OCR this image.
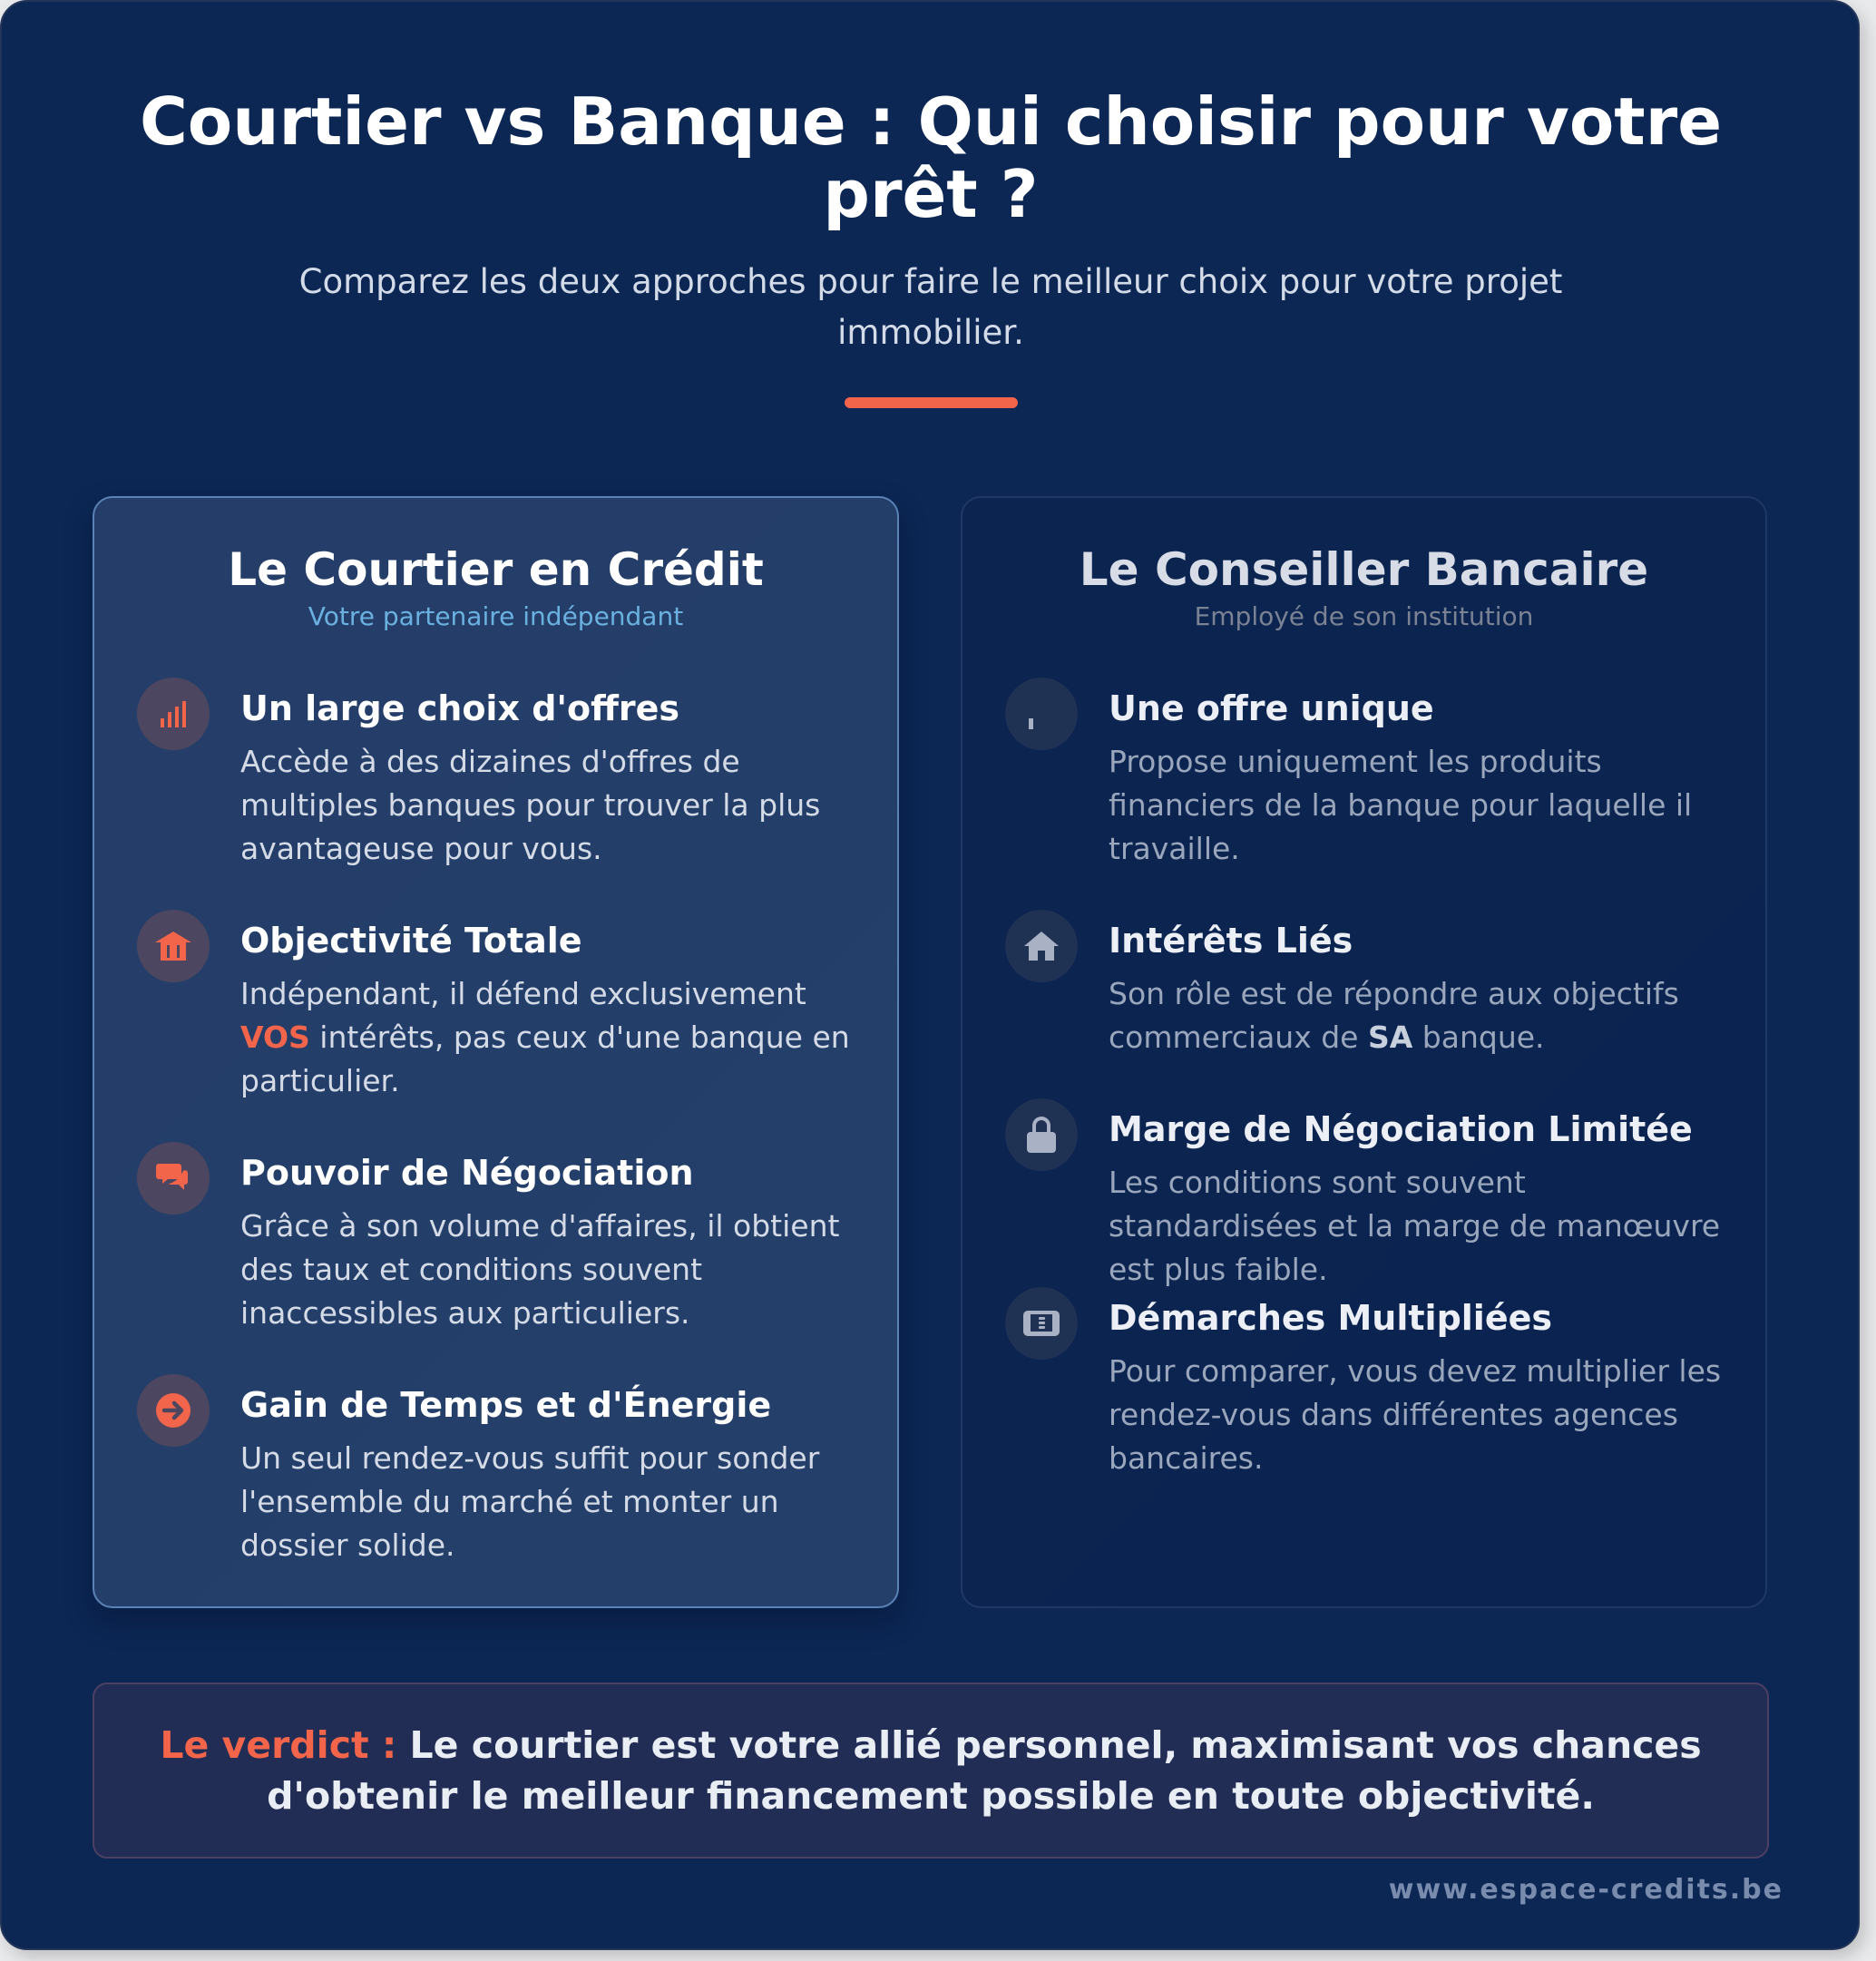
Courtier vs Banque : Qui choisir pour votre
prêt ?

Comparez les deux approches pour faire le meilleur choix pour votre projet immobilier.

Le Courtier en Crédit
Votre partenaire indépendant
Un large choix d'offres
Accède à des dizaines d'offres de multiples banques pour trouver la plus avantageuse pour vous.
Objectivité Totale
Indépendant, il défend exclusivement VOS intérêts, pas ceux d'une banque en particulier.
Pouvoir de Négociation
Grâce à son volume d'affaires, il obtient des taux et conditions souvent inaccessibles aux particuliers.
Gain de Temps et d'Énergie
Un seul rendez-vous suffit pour sonder l'ensemble du marché et monter un dossier solide.
Le Conseiller Bancaire
Employé de son institution
Une offre unique
Propose uniquement les produits financiers de la banque pour laquelle il travaille.
Intérêts Liés
Son rôle est de répondre aux objectifs commerciaux de SA banque.
Marge de Négociation Limitée
Les conditions sont souvent standardisées et la marge de manœuvre est plus faible.
Démarches Multipliées
Pour comparer, vous devez multiplier les rendez-vous dans différentes agences bancaires.
Le verdict : Le courtier est votre allié personnel, maximisant vos chances d'obtenir le meilleur financement possible en toute objectivité.
www.espace-credits.be
